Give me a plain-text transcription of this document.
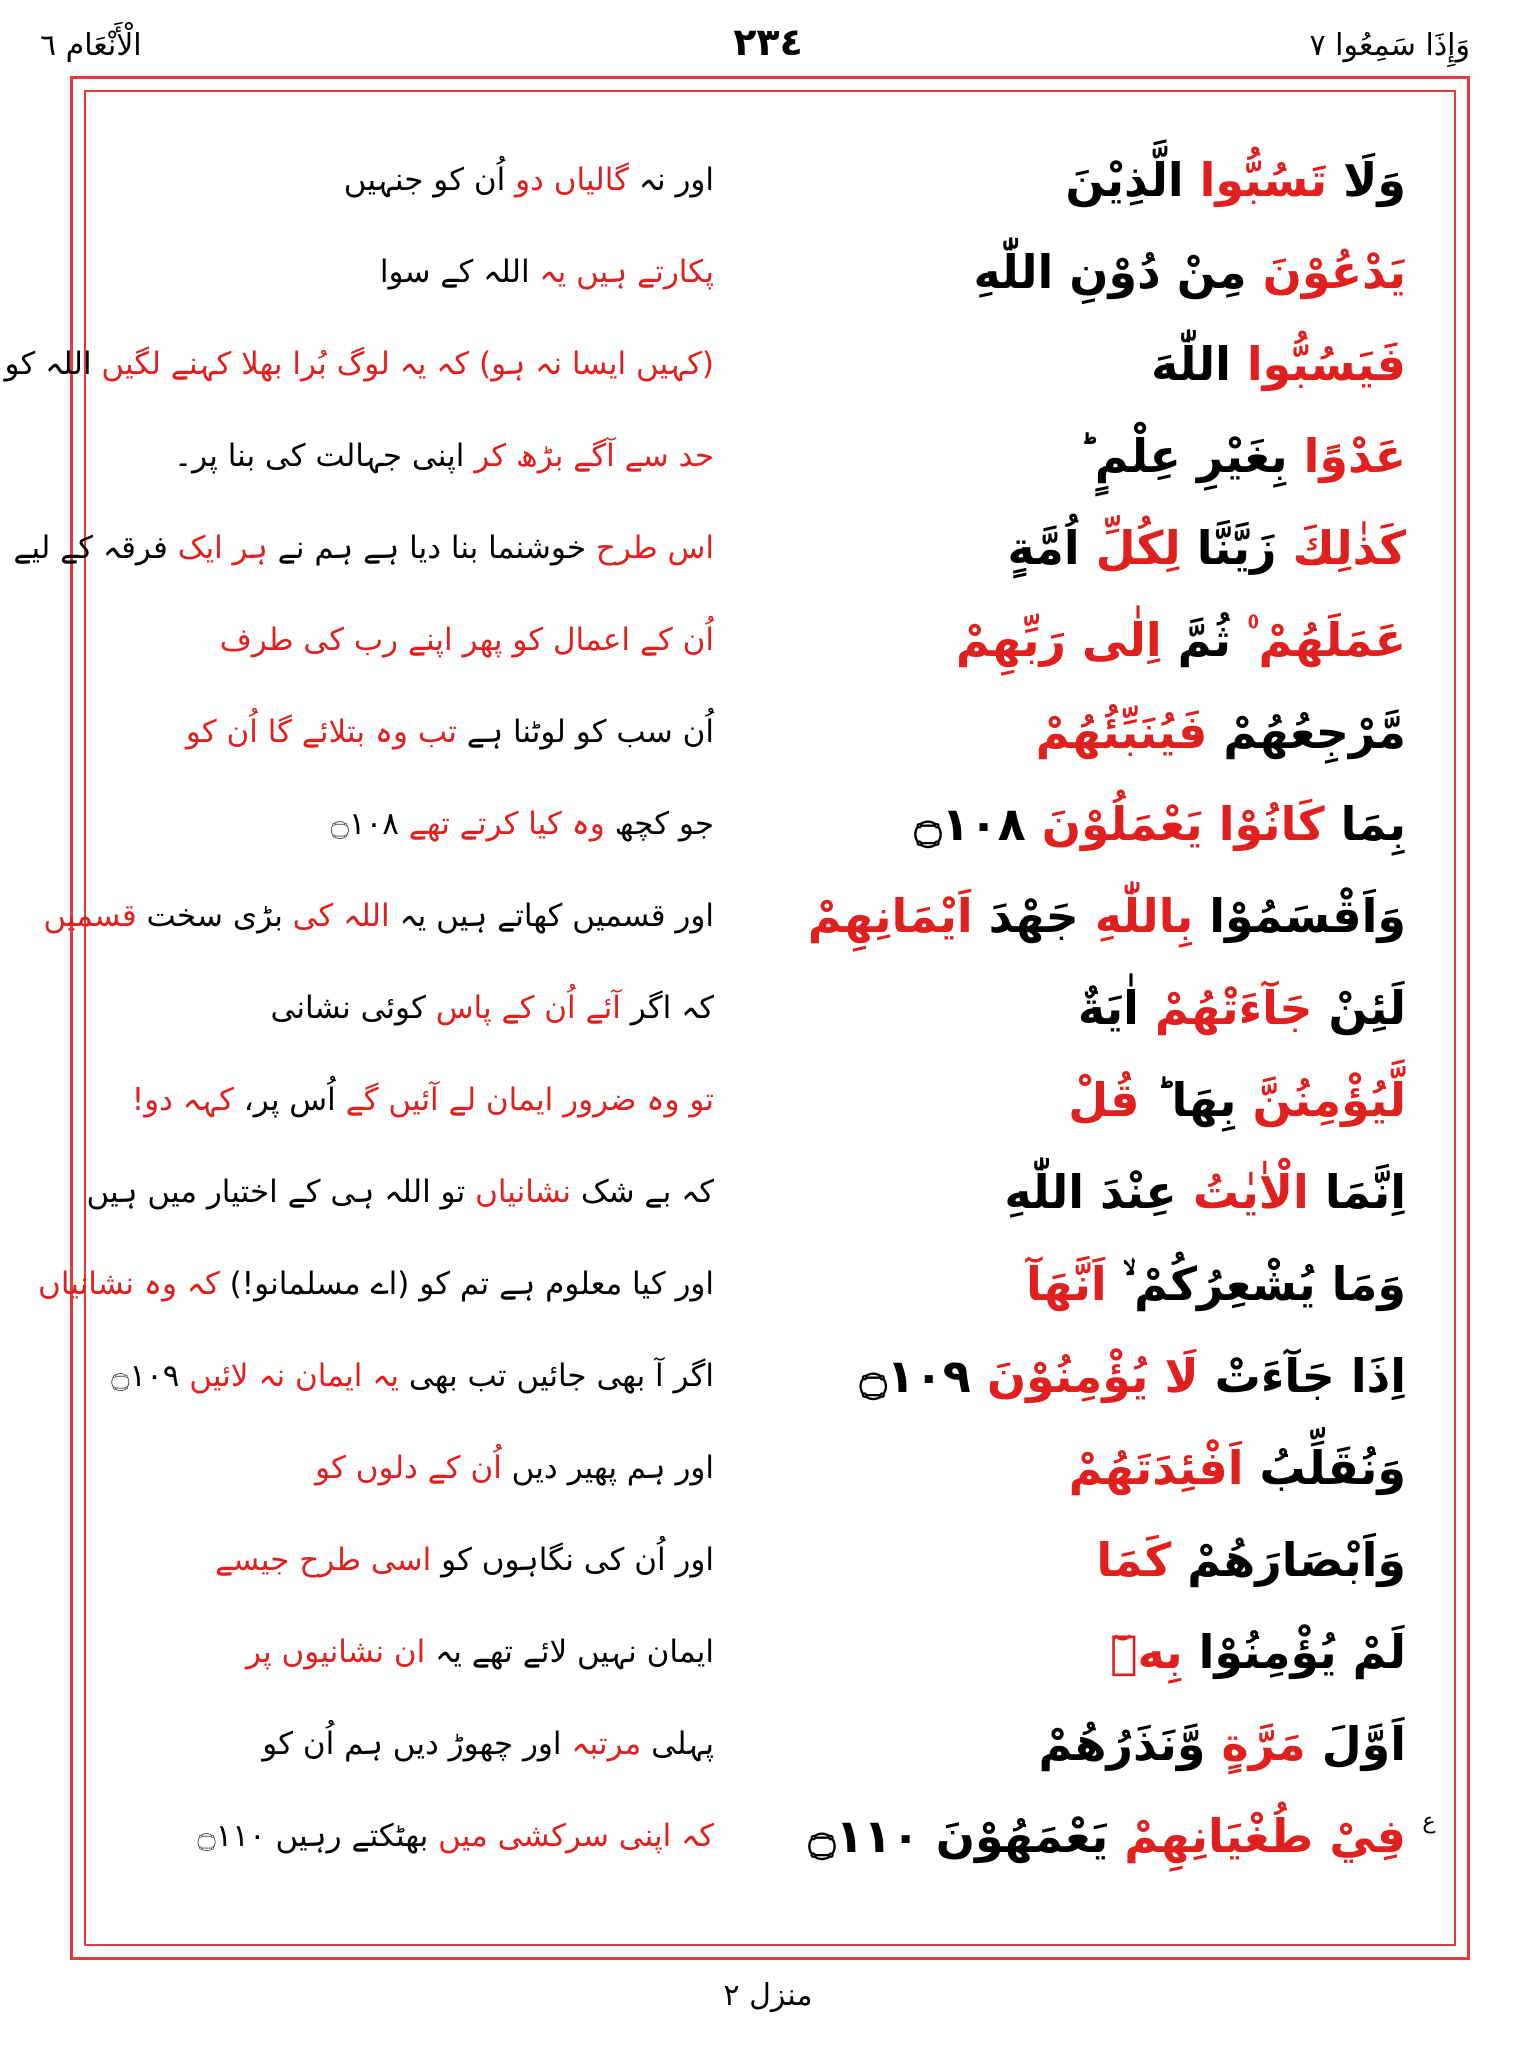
وَإِذَا سَمِعُوا ٧
٢٣٤
الْأَنْعَام ٦
وَلَا تَسُبُّوا الَّذِيْنَ
اور نہ گالیاں دو اُن کو جنہیں
يَدْعُوْنَ مِنْ دُوْنِ اللّٰهِ
پکارتے ہیں یہ اللہ کے سوا
فَيَسُبُّوا اللّٰهَ
(کہیں ایسا نہ ہو) کہ یہ لوگ بُرا بھلا کہنے لگیں اللہ کو
عَدْوًا بِغَيْرِ عِلْمٍ ؕ
حد سے آگے بڑھ کر اپنی جہالت کی بنا پر۔
كَذٰلِكَ زَيَّنَّا لِكُلِّ اُمَّةٍ
اس طرح خوشنما بنا دیا ہے ہم نے ہر ایک فرقہ کے لیے
عَمَلَهُمْ ۠ ثُمَّ اِلٰى رَبِّهِمْ
اُن کے اعمال کو پھر اپنے رب کی طرف
مَّرْجِعُهُمْ فَيُنَبِّئُهُمْ
اُن سب کو لوٹنا ہے تب وہ بتلائے گا اُن کو
بِمَا كَانُوْا يَعْمَلُوْنَ ۝١٠٨
جو کچھ وہ کیا کرتے تھے ۝١٠٨
وَاَقْسَمُوْا بِاللّٰهِ جَهْدَ اَيْمَانِهِمْ
اور قسمیں کھاتے ہیں یہ اللہ کی بڑی سخت قسمیں
لَئِنْ جَآءَتْهُمْ اٰيَةٌ
کہ اگر آئے اُن کے پاس کوئی نشانی
لَّيُؤْمِنُنَّ بِهَا ؕ قُلْ
تو وہ ضرور ایمان لے آئیں گے اُس پر، کہہ دو!
اِنَّمَا الْاٰيٰتُ عِنْدَ اللّٰهِ
کہ بے شک نشانیاں تو اللہ ہی کے اختیار میں ہیں
وَمَا يُشْعِرُكُمْ ۙ اَنَّهَآ
اور کیا معلوم ہے تم کو (اے مسلمانو!) کہ وہ نشانیاں
اِذَا جَآءَتْ لَا يُؤْمِنُوْنَ ۝١٠٩
اگر آ بھی جائیں تب بھی یہ ایمان نہ لائیں ۝١٠٩
وَنُقَلِّبُ اَفْئِدَتَهُمْ
اور ہم پھیر دیں اُن کے دلوں کو
وَاَبْصَارَهُمْ كَمَا
اور اُن کی نگاہوں کو اسی طرح جیسے
لَمْ يُؤْمِنُوْا بِهٖٓ
ایمان نہیں لائے تھے یہ ان نشانیوں پر
اَوَّلَ مَرَّةٍ وَّنَذَرُهُمْ
پہلی مرتبہ اور چھوڑ دیں ہم اُن کو
فِيْ طُغْيَانِهِمْ يَعْمَهُوْنَ ۝١١٠
کہ اپنی سرکشی میں بھٹکتے رہیں ۝١١٠	ع
منزل ٢
